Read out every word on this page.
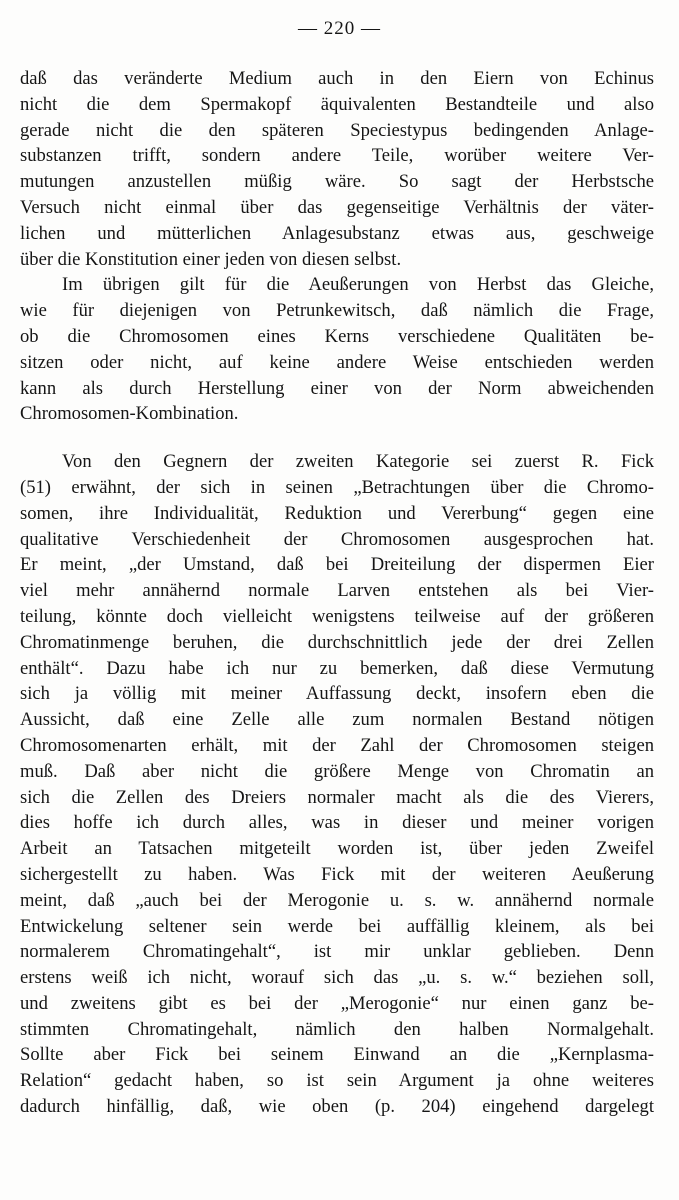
— 220 —
daß das veränderte Medium auch in den Eiern von Echinus
nicht die dem Spermakopf äquivalenten Bestandteile und also
gerade nicht die den späteren Speciestypus bedingenden Anlage-
substanzen trifft, sondern andere Teile, worüber weitere Ver-
mutungen anzustellen müßig wäre. So sagt der Herbstsche
Versuch nicht einmal über das gegenseitige Verhältnis der väter-
lichen und mütterlichen Anlagesubstanz etwas aus, geschweige
über die Konstitution einer jeden von diesen selbst.
Im übrigen gilt für die Aeußerungen von Herbst das Gleiche,
wie für diejenigen von Petrunkewitsch, daß nämlich die Frage,
ob die Chromosomen eines Kerns verschiedene Qualitäten be-
sitzen oder nicht, auf keine andere Weise entschieden werden
kann als durch Herstellung einer von der Norm abweichenden
Chromosomen-Kombination.
Von den Gegnern der zweiten Kategorie sei zuerst R. Fick
(51) erwähnt, der sich in seinen „Betrachtungen über die Chromo-
somen, ihre Individualität, Reduktion und Vererbung“ gegen eine
qualitative Verschiedenheit der Chromosomen ausgesprochen hat.
Er meint, „der Umstand, daß bei Dreiteilung der dispermen Eier
viel mehr annähernd normale Larven entstehen als bei Vier-
teilung, könnte doch vielleicht wenigstens teilweise auf der größeren
Chromatinmenge beruhen, die durchschnittlich jede der drei Zellen
enthält“. Dazu habe ich nur zu bemerken, daß diese Vermutung
sich ja völlig mit meiner Auffassung deckt, insofern eben die
Aussicht, daß eine Zelle alle zum normalen Bestand nötigen
Chromosomenarten erhält, mit der Zahl der Chromosomen steigen
muß. Daß aber nicht die größere Menge von Chromatin an
sich die Zellen des Dreiers normaler macht als die des Vierers,
dies hoffe ich durch alles, was in dieser und meiner vorigen
Arbeit an Tatsachen mitgeteilt worden ist, über jeden Zweifel
sichergestellt zu haben. Was Fick mit der weiteren Aeußerung
meint, daß „auch bei der Merogonie u. s. w. annähernd normale
Entwickelung seltener sein werde bei auffällig kleinem, als bei
normalerem Chromatingehalt“, ist mir unklar geblieben. Denn
erstens weiß ich nicht, worauf sich das „u. s. w.“ beziehen soll,
und zweitens gibt es bei der „Merogonie“ nur einen ganz be-
stimmten Chromatingehalt, nämlich den halben Normalgehalt.
Sollte aber Fick bei seinem Einwand an die „Kernplasma-
Relation“ gedacht haben, so ist sein Argument ja ohne weiteres
dadurch hinfällig, daß, wie oben (p. 204) eingehend dargelegt
